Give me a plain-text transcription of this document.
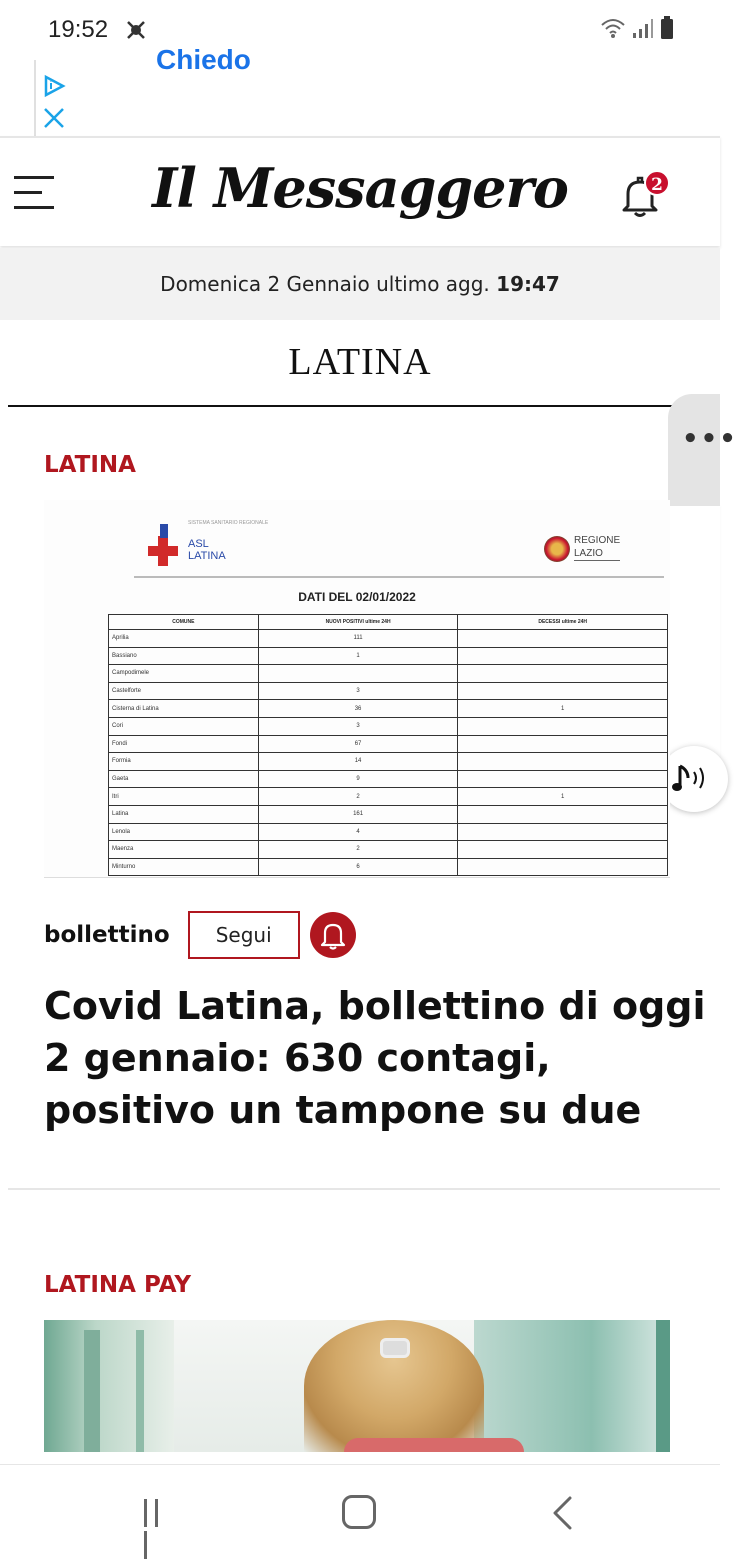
19:52
Chiedo
Il Messaggero	2
Domenica 2 Gennaio ultimo agg. 19:47
LATINA
•••
LATINA
SISTEMA SANITARIO REGIONALE
ASL
LATINA
REGIONE
LAZIO
DATI DEL 02/01/2022
COMUNE	NUOVI POSITIVI ultime 24H	DECESSI ultime 24H
Aprilia	111	
Bassiano	1	
Campodimele		
Castelforte	3	
Cisterna di Latina	36	1
Cori	3	
Fondi	67	
Formia	14	
Gaeta	9	
Itri	2	1
Latina	161	
Lenola	4	
Maenza	2	
Minturno	6	
bollettino	Segui
Covid Latina, bollettino di oggi
2 gennaio: 630 contagi,
positivo un tampone su due
LATINA PAY
